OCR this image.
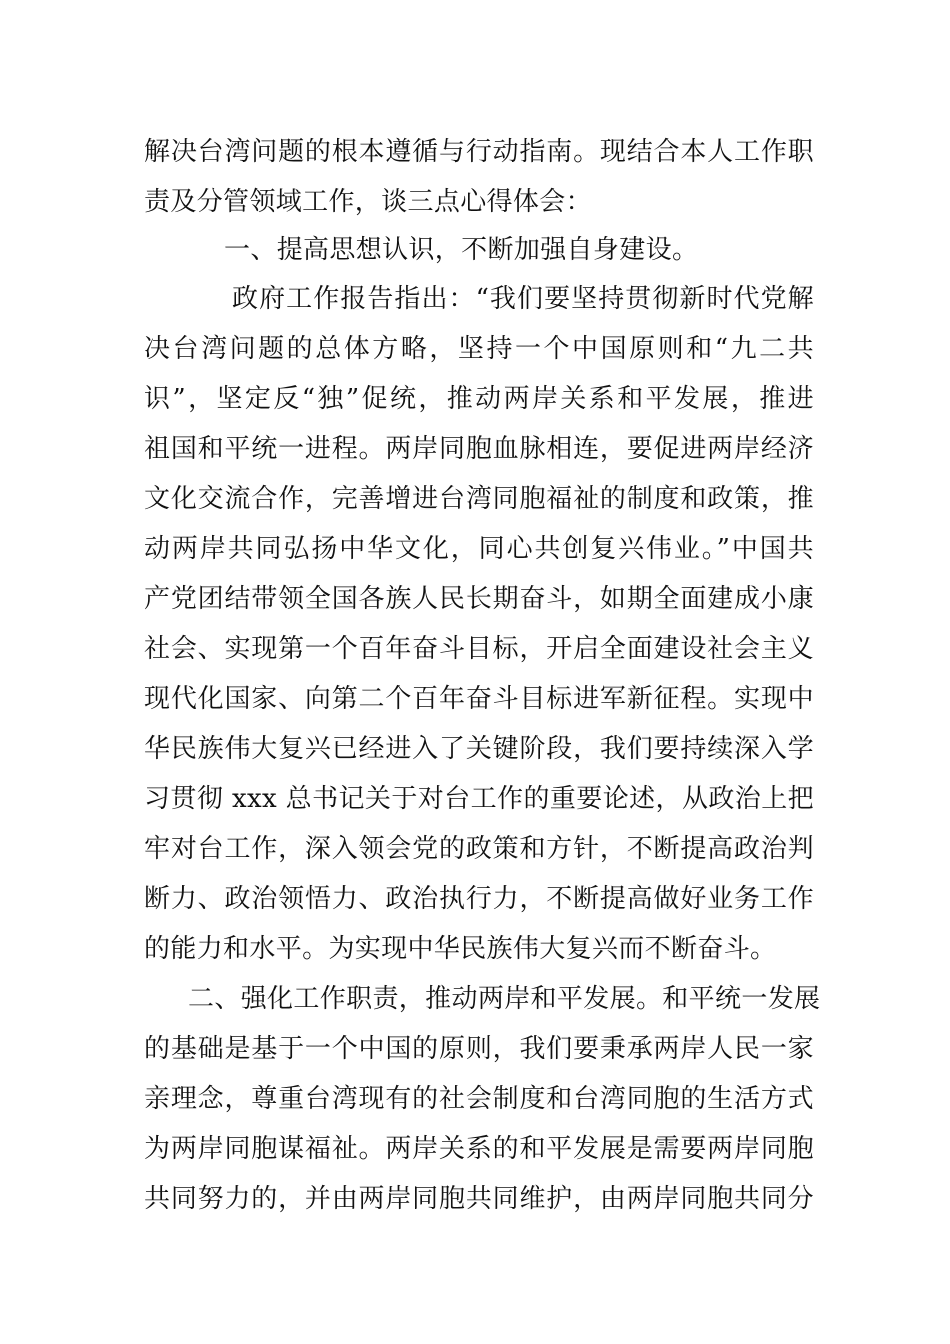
解决台湾问题的根本遵循与行动指南。现结合本人工作职
责及分管领域工作，谈三点心得体会：
一、提高思想认识，不断加强自身建设。
政府工作报告指出：“我们要坚持贯彻新时代党解
决台湾问题的总体方略，坚持一个中国原则和“九二共
识”，坚定反“独”促统，推动两岸关系和平发展，推进
祖国和平统一进程。两岸同胞血脉相连，要促进两岸经济
文化交流合作，完善增进台湾同胞福祉的制度和政策，推
动两岸共同弘扬中华文化，同心共创复兴伟业。”中国共
产党团结带领全国各族人民长期奋斗，如期全面建成小康
社会、实现第一个百年奋斗目标，开启全面建设社会主义
现代化国家、向第二个百年奋斗目标进军新征程。实现中
华民族伟大复兴已经进入了关键阶段，我们要持续深入学
习贯彻 xxx 总书记关于对台工作的重要论述，从政治上把
牢对台工作，深入领会党的政策和方针，不断提高政治判
断力、政治领悟力、政治执行力，不断提高做好业务工作
的能力和水平。为实现中华民族伟大复兴而不断奋斗。
二、强化工作职责，推动两岸和平发展。和平统一发展
的基础是基于一个中国的原则，我们要秉承两岸人民一家
亲理念，尊重台湾现有的社会制度和台湾同胞的生活方式
为两岸同胞谋福祉。两岸关系的和平发展是需要两岸同胞
共同努力的，并由两岸同胞共同维护，由两岸同胞共同分
